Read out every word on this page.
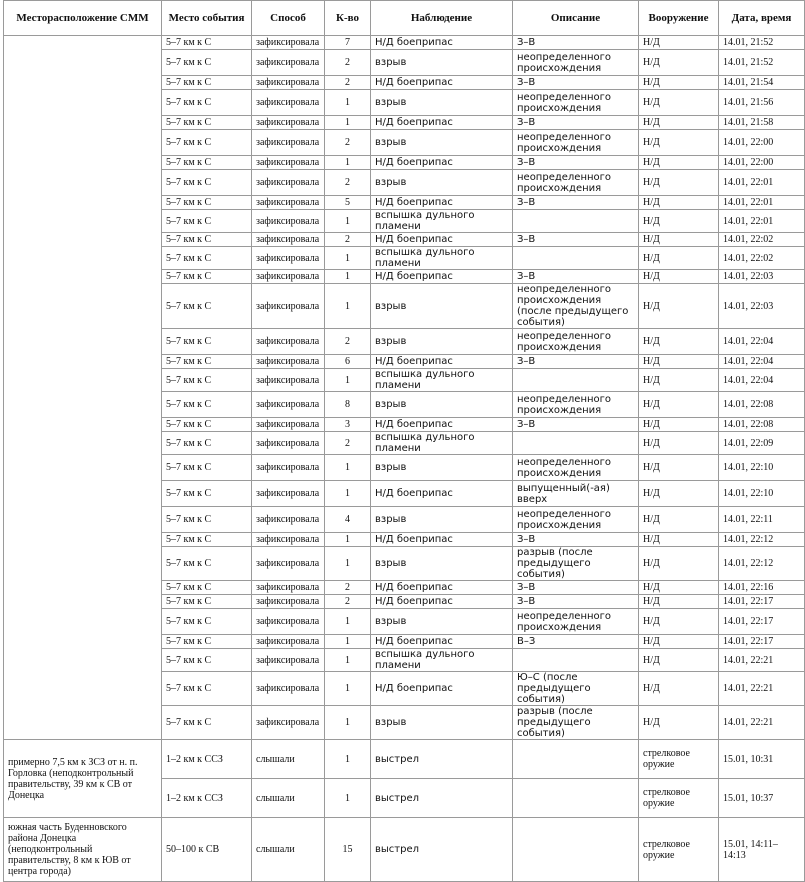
Месторасположение СММ	Место события	Способ	К-во	Наблюдение	Описание	Вооружение	Дата, время
	5–7 км к С	зафиксировала	7	Н/Д боеприпас	З–В	Н/Д	14.01, 21:52
	5–7 км к С	зафиксировала	2	взрыв	неопределенного происхождения	Н/Д	14.01, 21:52
	5–7 км к С	зафиксировала	2	Н/Д боеприпас	З–В	Н/Д	14.01, 21:54
	5–7 км к С	зафиксировала	1	взрыв	неопределенного происхождения	Н/Д	14.01, 21:56
	5–7 км к С	зафиксировала	1	Н/Д боеприпас	З–В	Н/Д	14.01, 21:58
	5–7 км к С	зафиксировала	2	взрыв	неопределенного происхождения	Н/Д	14.01, 22:00
	5–7 км к С	зафиксировала	1	Н/Д боеприпас	З–В	Н/Д	14.01, 22:00
	5–7 км к С	зафиксировала	2	взрыв	неопределенного происхождения	Н/Д	14.01, 22:01
	5–7 км к С	зафиксировала	5	Н/Д боеприпас	З–В	Н/Д	14.01, 22:01
	5–7 км к С	зафиксировала	1	вспышка дульного пламени		Н/Д	14.01, 22:01
	5–7 км к С	зафиксировала	2	Н/Д боеприпас	З–В	Н/Д	14.01, 22:02
	5–7 км к С	зафиксировала	1	вспышка дульного пламени		Н/Д	14.01, 22:02
	5–7 км к С	зафиксировала	1	Н/Д боеприпас	З–В	Н/Д	14.01, 22:03
	5–7 км к С	зафиксировала	1	взрыв	неопределенного происхождения (после предыдущего события)	Н/Д	14.01, 22:03
	5–7 км к С	зафиксировала	2	взрыв	неопределенного происхождения	Н/Д	14.01, 22:04
	5–7 км к С	зафиксировала	6	Н/Д боеприпас	З–В	Н/Д	14.01, 22:04
	5–7 км к С	зафиксировала	1	вспышка дульного пламени		Н/Д	14.01, 22:04
	5–7 км к С	зафиксировала	8	взрыв	неопределенного происхождения	Н/Д	14.01, 22:08
	5–7 км к С	зафиксировала	3	Н/Д боеприпас	З–В	Н/Д	14.01, 22:08
	5–7 км к С	зафиксировала	2	вспышка дульного пламени		Н/Д	14.01, 22:09
	5–7 км к С	зафиксировала	1	взрыв	неопределенного происхождения	Н/Д	14.01, 22:10
	5–7 км к С	зафиксировала	1	Н/Д боеприпас	выпущенный(-ая) вверх	Н/Д	14.01, 22:10
	5–7 км к С	зафиксировала	4	взрыв	неопределенного происхождения	Н/Д	14.01, 22:11
	5–7 км к С	зафиксировала	1	Н/Д боеприпас	З–В	Н/Д	14.01, 22:12
	5–7 км к С	зафиксировала	1	взрыв	разрыв (после предыдущего события)	Н/Д	14.01, 22:12
	5–7 км к С	зафиксировала	2	Н/Д боеприпас	З–В	Н/Д	14.01, 22:16
	5–7 км к С	зафиксировала	2	Н/Д боеприпас	З–В	Н/Д	14.01, 22:17
	5–7 км к С	зафиксировала	1	взрыв	неопределенного происхождения	Н/Д	14.01, 22:17
	5–7 км к С	зафиксировала	1	Н/Д боеприпас	В–З	Н/Д	14.01, 22:17
	5–7 км к С	зафиксировала	1	вспышка дульного пламени		Н/Д	14.01, 22:21
	5–7 км к С	зафиксировала	1	Н/Д боеприпас	Ю–С (после предыдущего события)	Н/Д	14.01, 22:21
	5–7 км к С	зафиксировала	1	взрыв	разрыв (после предыдущего события)	Н/Д	14.01, 22:21
примерно 7,5 км к ЗСЗ от н. п. Горловка (неподконтрольный правительству, 39 км к СВ от Донецка	1–2 км к ССЗ	слышали	1	выстрел		стрелковое оружие	15.01, 10:31
	1–2 км к ССЗ	слышали	1	выстрел		стрелковое оружие	15.01, 10:37
южная часть Буденновского района Донецка (неподконтрольный правительству, 8 км к ЮВ от центра города)	50–100 к СВ	слышали	15	выстрел		стрелковое оружие	15.01, 14:11–14:13
